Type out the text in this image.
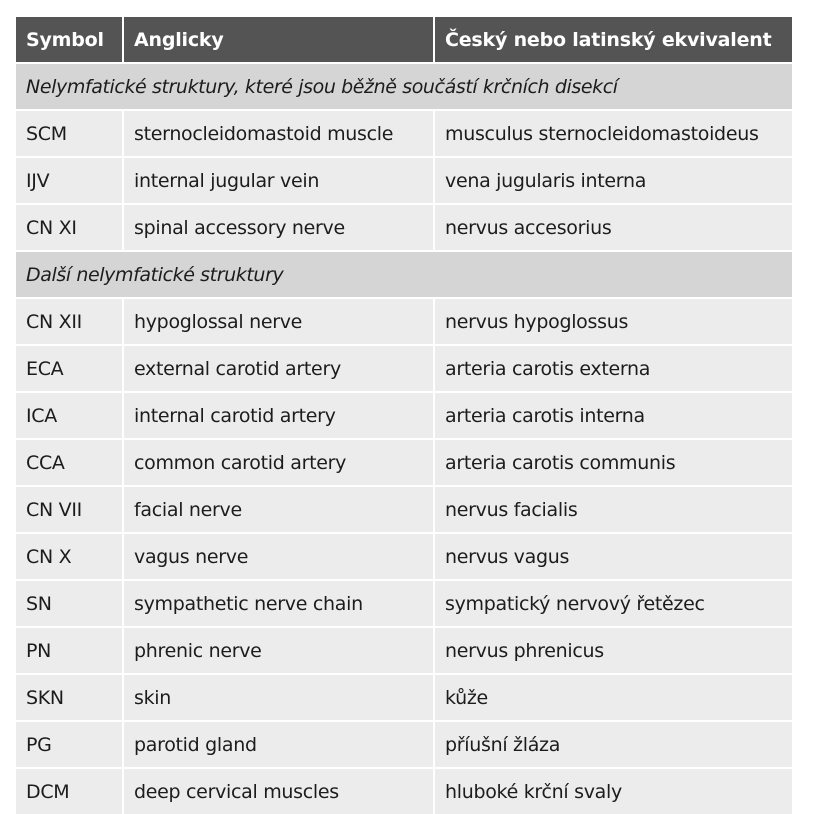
Symbol	Anglicky	Český nebo latinský ekvivalent
Nelymfatické struktury, které jsou běžně součástí krčních disekcí		
SCM	sternocleidomastoid muscle	musculus sternocleidomastoideus
IJV	internal jugular vein	vena jugularis interna
CN XI	spinal accessory nerve	nervus accesorius
Další nelymfatické struktury		
CN XII	hypoglossal nerve	nervus hypoglossus
ECA	external carotid artery	arteria carotis externa
ICA	internal carotid artery	arteria carotis interna
CCA	common carotid artery	arteria carotis communis
CN VII	facial nerve	nervus facialis
CN X	vagus nerve	nervus vagus
SN	sympathetic nerve chain	sympatický nervový řetězec
PN	phrenic nerve	nervus phrenicus
SKN	skin	kůže
PG	parotid gland	příušní žláza
DCM	deep cervical muscles	hluboké krční svaly
